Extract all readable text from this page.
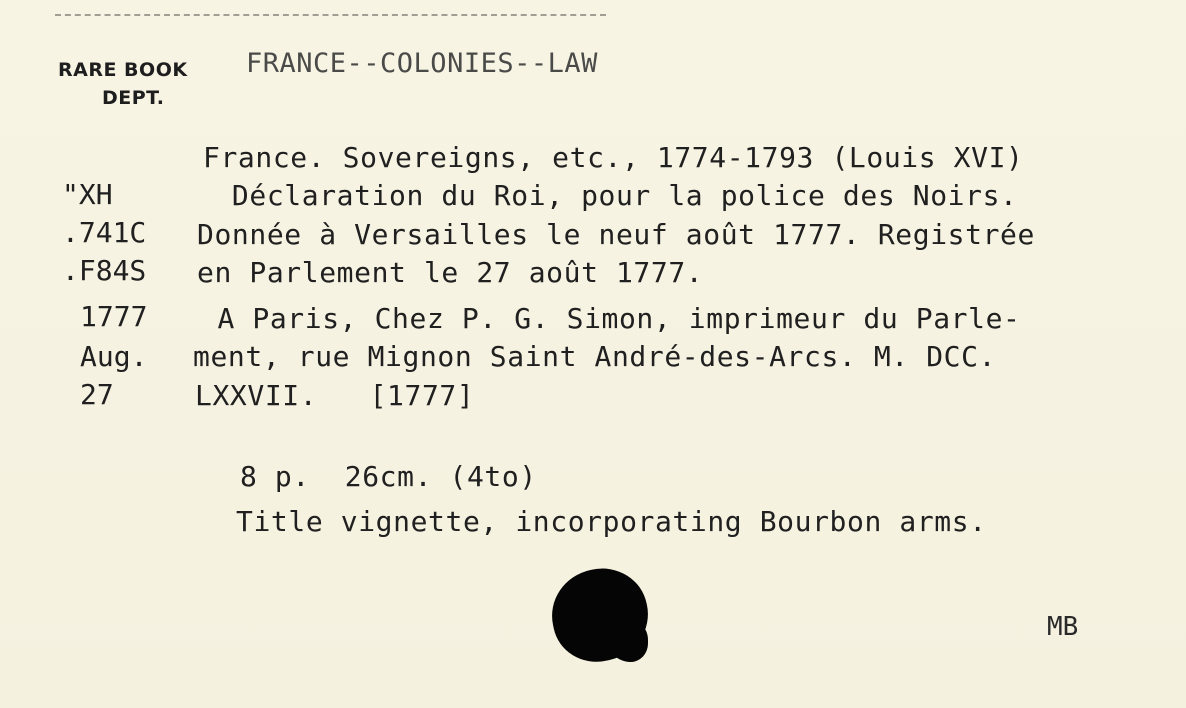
RARE BOOK
DEPT.
FRANCE--COLONIES--LAW
"XH
.741C
.F84S
1777
Aug.
27
France. Sovereigns, etc., 1774-1793 (Louis XVI)
Déclaration du Roi, pour la police des Noirs.
Donnée à Versailles le neuf août 1777. Registrée
en Parlement le 27 août 1777.
A Paris, Chez P. G. Simon, imprimeur du Parle-
ment, rue Mignon Saint André-des-Arcs. M. DCC.
LXXVII.   [1777]
8 p.  26cm. (4to)
Title vignette, incorporating Bourbon arms.
MB
